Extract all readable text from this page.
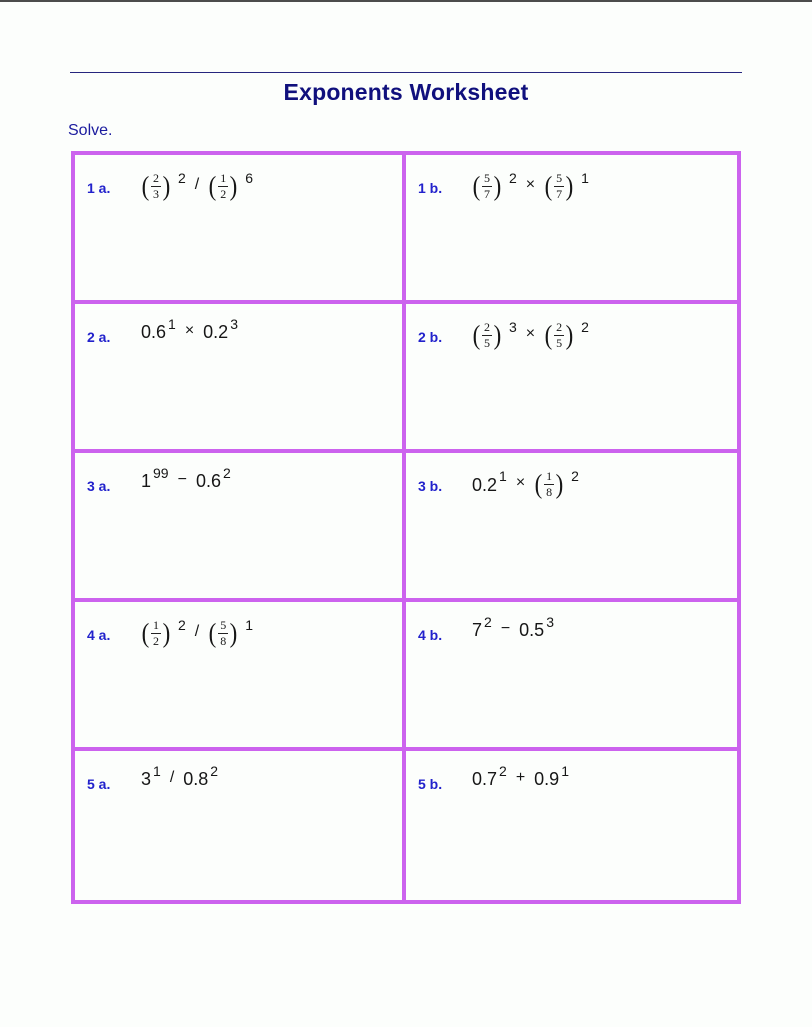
Exponents Worksheet
Solve.
1 a.	( $\frac{2}{3}$ ) $^2$ / ( $\frac{1}{2}$ ) $^6$
1 b.	( $\frac{5}{7}$ ) $^2$ × ( $\frac{5}{7}$ ) $^1$
2 a.	$0.6^1 \times 0.2^3$
2 b.	( $\frac{2}{5}$ ) $^3$ × ( $\frac{2}{5}$ ) $^2$
3 a.	$1^{99} - 0.6^2$
3 b.	$0.2^1$ × ( $\frac{1}{8}$ ) $^2$
4 a.	( $\frac{1}{2}$ ) $^2$ / ( $\frac{5}{8}$ ) $^1$
4 b.	$7^2 - 0.5^3$
5 a.	$3^1 / 0.8^2$
5 b.	$0.7^2 + 0.9^1$
